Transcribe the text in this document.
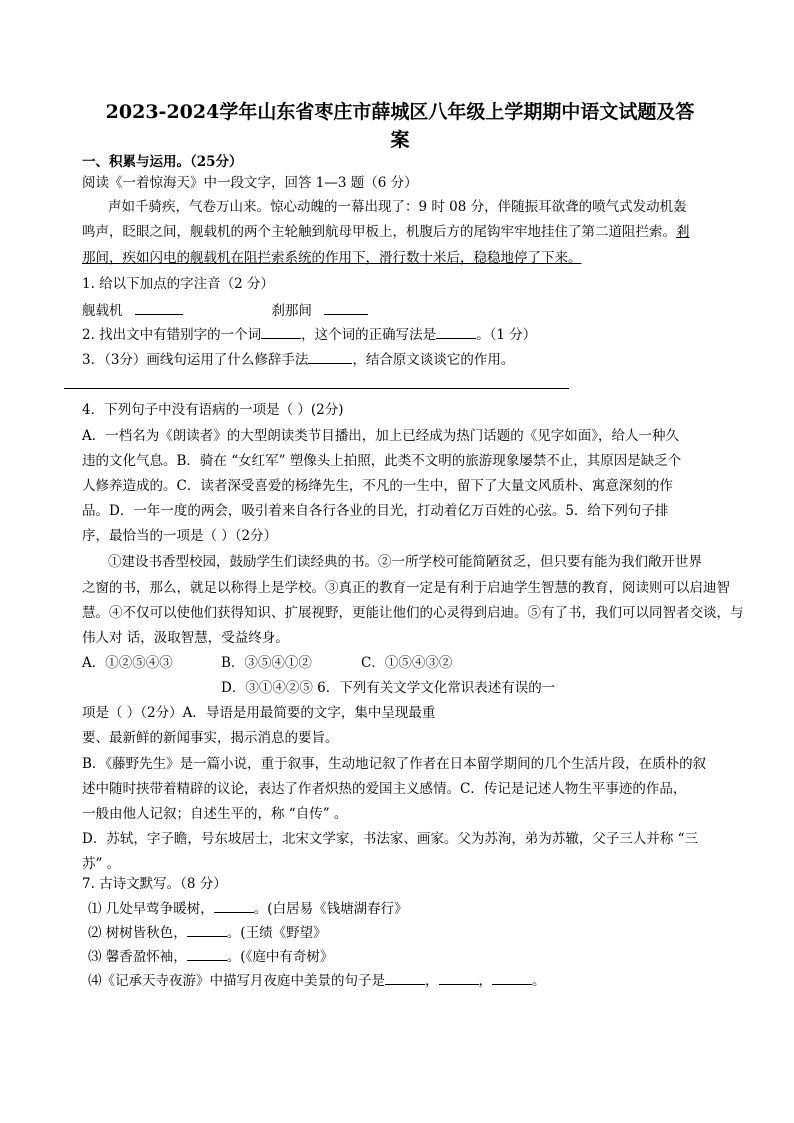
2023-2024学年山东省枣庄市薛城区八年级上学期期中语文试题及答
案
一、积累与运用。（25分）
阅读《一着惊海天》中一段文字，回答 1—3 题（6 分）
声如千骑疾，气卷万山来。惊心动魄的一幕出现了：9 时 08 分，伴随振耳欲聋的喷气式发动机轰
鸣声，眨眼之间，舰载机的两个主轮触到航母甲板上，机腹后方的尾钩牢牢地挂住了第二道阻拦索。剎
那间，疾如闪电的舰载机在阻拦索系统的作用下，滑行数十米后，稳稳地停了下来。
1. 给以下加点的字注音（2 分）
舰载机	刹那间
2. 找出文中有错别字的一个词	，这个词的正确写法是	。（1 分）
3．（3分）画线句运用了什么修辞手法	，结合原文谈谈它的作用。
4．下列句子中没有语病的一项是（ ）(2分)
A．一档名为《朗读者》的大型朗读类节目播出，加上已经成为热门话题的《见字如面》，给人一种久
违的文化气息。B．骑在 “女红军” 塑像头上拍照，此类不文明的旅游现象屡禁不止，其原因是缺乏个
人修养造成的。C．读者深受喜爱的杨绛先生，不凡的一生中，留下了大量文风质朴、寓意深刻的作
品。D．一年一度的两会，吸引着来自各行各业的目光，打动着亿万百姓的心弦。5．给下列句子排
序，最恰当的一项是（ ）（2分）
①建设书香型校园，鼓励学生们读经典的书。②一所学校可能简陋贫乏，但只要有能为我们敞开世界
之窗的书，那么，就足以称得上是学校。③真正的教育一定是有利于启迪学生智慧的教育，阅读则可以启迪智
慧。④不仅可以使他们获得知识、扩展视野，更能让他们的心灵得到启迪。⑤有了书，我们可以同智者交谈，与
伟人对 话，汲取智慧，受益终身。
A．①②⑤④③	B．③⑤④①②	C．①⑤④③②
D．③①④②⑤ 6．下列有关文学文化常识表述有误的一
项是（ ）（2分）A．导语是用最简要的文字，集中呈现最重
要、最新鲜的新闻事实，揭示消息的要旨。
B．《藤野先生》是一篇小说，重于叙事，生动地记叙了作者在日本留学期间的几个生活片段，在质朴的叙
述中随时挟带着精辟的议论，表达了作者炽热的爱国主义感情。C．传记是记述人物生平事迹的作品，
一般由他人记叙；自述生平的，称 “自传” 。
D．苏轼，字子瞻，号东坡居士，北宋文学家，书法家、画家。父为苏洵，弟为苏辙，父子三人并称 “三
苏” 。
7. 古诗文默写。（8 分）
⑴ 几处早莺争暖树，	。(白居易《钱塘湖春行》
⑵ 树树皆秋色，	。(王绩《野望》
⑶ 馨香盈怀袖，	。(《庭中有奇树》
⑷《记承天寺夜游》中描写月夜庭中美景的句子是	，	，	。
